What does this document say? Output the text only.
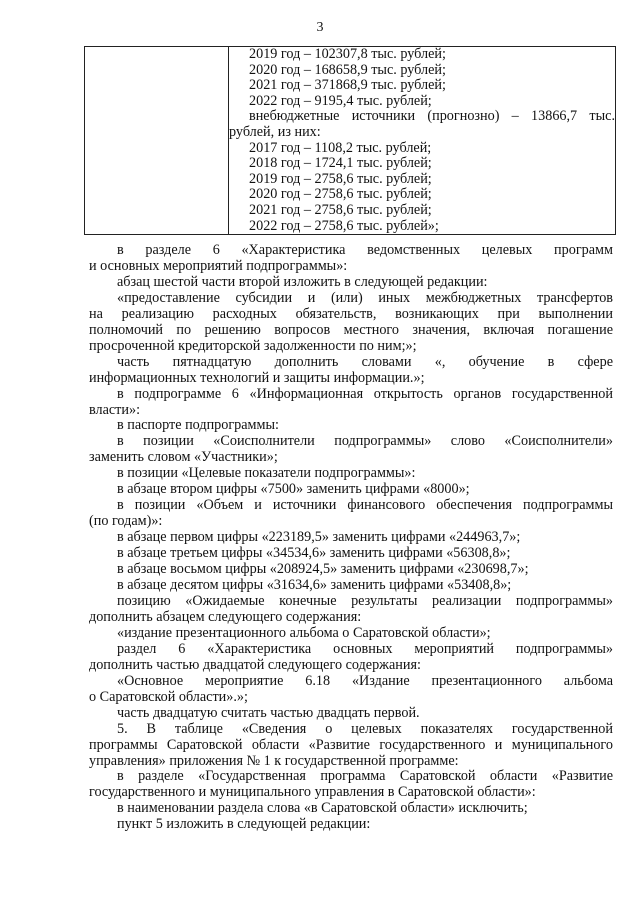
3

2019 год – 102307,8 тыс. рублей;
2020 год – 168658,9 тыс. рублей;
2021 год – 371868,9 тыс. рублей;
2022 год – 9195,4 тыс. рублей;
внебюджетные источники (прогнозно) – 13866,7 тыс.
рублей, из них:
2017 год – 1108,2 тыс. рублей;
2018 год – 1724,1 тыс. рублей;
2019 год – 2758,6 тыс. рублей;
2020 год – 2758,6 тыс. рублей;
2021 год – 2758,6 тыс. рублей;
2022 год – 2758,6 тыс. рублей»;
в разделе 6 «Характеристика ведомственных целевых программ
и основных мероприятий подпрограммы»:
абзац шестой части второй изложить в следующей редакции:
«предоставление субсидии и (или) иных межбюджетных трансфертов
на реализацию расходных обязательств, возникающих при выполнении
полномочий по решению вопросов местного значения, включая погашение
просроченной кредиторской задолженности по ним;»;
часть пятнадцатую дополнить словами «, обучение в сфере
информационных технологий и защиты информации.»;
в подпрограмме 6 «Информационная открытость органов государственной
власти»:
в паспорте подпрограммы:
в позиции «Соисполнители подпрограммы» слово «Соисполнители»
заменить словом «Участники»;
в позиции «Целевые показатели подпрограммы»:
в абзаце втором цифры «7500» заменить цифрами «8000»;
в позиции «Объем и источники финансового обеспечения подпрограммы
(по годам)»:
в абзаце первом цифры «223189,5» заменить цифрами «244963,7»;
в абзаце третьем цифры «34534,6» заменить цифрами «56308,8»;
в абзаце восьмом цифры «208924,5» заменить цифрами «230698,7»;
в абзаце десятом цифры «31634,6» заменить цифрами «53408,8»;
позицию «Ожидаемые конечные результаты реализации подпрограммы»
дополнить абзацем следующего содержания:
«издание презентационного альбома о Саратовской области»;
раздел 6 «Характеристика основных мероприятий подпрограммы»
дополнить частью двадцатой следующего содержания:
«Основное мероприятие 6.18 «Издание презентационного альбома
о Саратовской области».»;
часть двадцатую считать частью двадцать первой.
5. В таблице «Сведения о целевых показателях государственной
программы Саратовской области «Развитие государственного и муниципального
управления» приложения № 1 к государственной программе:
в разделе «Государственная программа Саратовской области «Развитие
государственного и муниципального управления в Саратовской области»:
в наименовании раздела слова «в Саратовской области» исключить;
пункт 5 изложить в следующей редакции:
